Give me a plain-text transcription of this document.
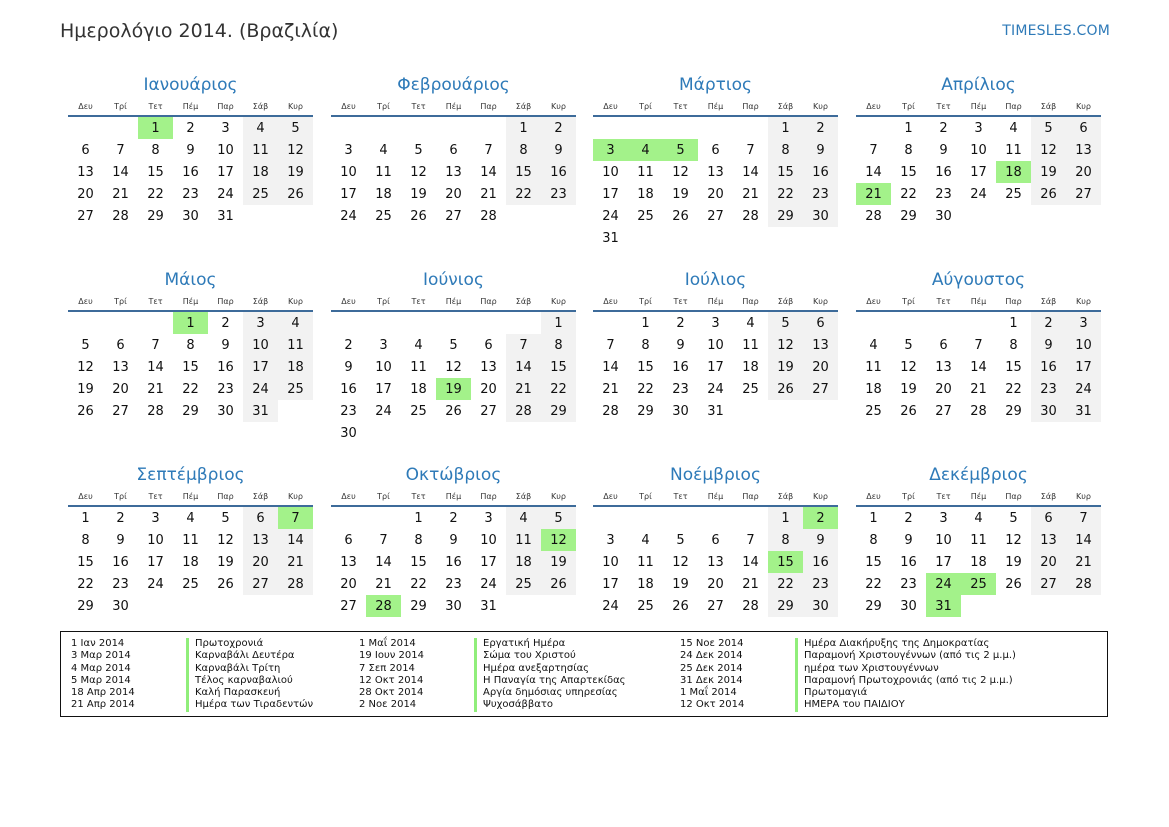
Ημερολόγιο 2014. (Βραζιλία)	TIMESLES.COM
Ιανουάριος
Δευ	Τρί	Τετ	Πέμ	Παρ	Σάβ	Κυρ
		1	2	3	4	5
6	7	8	9	10	11	12
13	14	15	16	17	18	19
20	21	22	23	24	25	26
27	28	29	30	31		
Φεβρουάριος
Δευ	Τρί	Τετ	Πέμ	Παρ	Σάβ	Κυρ
					1	2
3	4	5	6	7	8	9
10	11	12	13	14	15	16
17	18	19	20	21	22	23
24	25	26	27	28		
Μάρτιος
Δευ	Τρί	Τετ	Πέμ	Παρ	Σάβ	Κυρ
					1	2
3	4	5	6	7	8	9
10	11	12	13	14	15	16
17	18	19	20	21	22	23
24	25	26	27	28	29	30
31						
Απρίλιος
Δευ	Τρί	Τετ	Πέμ	Παρ	Σάβ	Κυρ
	1	2	3	4	5	6
7	8	9	10	11	12	13
14	15	16	17	18	19	20
21	22	23	24	25	26	27
28	29	30				
Μάιος
Δευ	Τρί	Τετ	Πέμ	Παρ	Σάβ	Κυρ
			1	2	3	4
5	6	7	8	9	10	11
12	13	14	15	16	17	18
19	20	21	22	23	24	25
26	27	28	29	30	31	
Ιούνιος
Δευ	Τρί	Τετ	Πέμ	Παρ	Σάβ	Κυρ
						1
2	3	4	5	6	7	8
9	10	11	12	13	14	15
16	17	18	19	20	21	22
23	24	25	26	27	28	29
30						
Ιούλιος
Δευ	Τρί	Τετ	Πέμ	Παρ	Σάβ	Κυρ
	1	2	3	4	5	6
7	8	9	10	11	12	13
14	15	16	17	18	19	20
21	22	23	24	25	26	27
28	29	30	31			
Αύγουστος
Δευ	Τρί	Τετ	Πέμ	Παρ	Σάβ	Κυρ
				1	2	3
4	5	6	7	8	9	10
11	12	13	14	15	16	17
18	19	20	21	22	23	24
25	26	27	28	29	30	31
Σεπτέμβριος
Δευ	Τρί	Τετ	Πέμ	Παρ	Σάβ	Κυρ
1	2	3	4	5	6	7
8	9	10	11	12	13	14
15	16	17	18	19	20	21
22	23	24	25	26	27	28
29	30					
Οκτώβριος
Δευ	Τρί	Τετ	Πέμ	Παρ	Σάβ	Κυρ
		1	2	3	4	5
6	7	8	9	10	11	12
13	14	15	16	17	18	19
20	21	22	23	24	25	26
27	28	29	30	31		
Νοέμβριος
Δευ	Τρί	Τετ	Πέμ	Παρ	Σάβ	Κυρ
					1	2
3	4	5	6	7	8	9
10	11	12	13	14	15	16
17	18	19	20	21	22	23
24	25	26	27	28	29	30
Δεκέμβριος
Δευ	Τρί	Τετ	Πέμ	Παρ	Σάβ	Κυρ
1	2	3	4	5	6	7
8	9	10	11	12	13	14
15	16	17	18	19	20	21
22	23	24	25	26	27	28
29	30	31				
1 Ιαν 2014	Πρωτοχρονιά
3 Μαρ 2014	Καρναβάλι Δευτέρα
4 Μαρ 2014	Καρναβάλι Τρίτη
5 Μαρ 2014	Τέλος καρναβαλιού
18 Απρ 2014	Καλή Παρασκευή
21 Απρ 2014	Ημέρα των Τιραδεντών
1 Μαΐ 2014	Εργατική Ημέρα
19 Ιουν 2014	Σώμα του Χριστού
7 Σεπ 2014	Ημέρα ανεξαρτησίας
12 Οκτ 2014	Η Παναγία της Απαρτεκίδας
28 Οκτ 2014	Αργία δημόσιας υπηρεσίας
2 Νοε 2014	Ψυχοσάββατο
15 Νοε 2014	Ημέρα Διακήρυξης της Δημοκρατίας
24 Δεκ 2014	Παραμονή Χριστουγέννων (από τις 2 μ.μ.)
25 Δεκ 2014	ημέρα των Χριστουγέννων
31 Δεκ 2014	Παραμονή Πρωτοχρονιάς (από τις 2 μ.μ.)
1 Μαΐ 2014	Πρωτομαγιά
12 Οκτ 2014	ΗΜΕΡΑ του ΠΑΙΔΙΟΥ
